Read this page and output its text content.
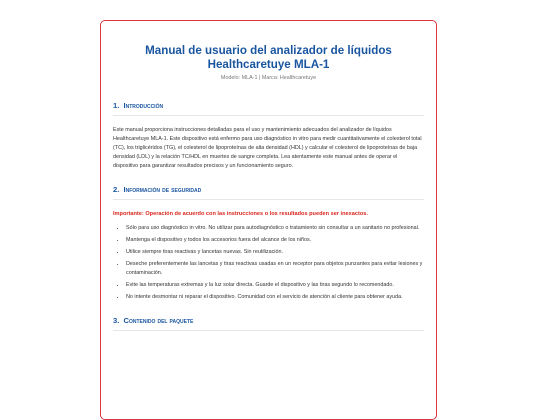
Manual de usuario del analizador de líquidos Healthcaretuye MLA-1
Modelo: MLA-1 | Marca: Healthcaretuye
1. Introducción
Este manual proporciona instrucciones detalladas para el uso y mantenimiento adecuados del analizador de líquidos Healthcaretuye MLA-1. Este dispositivo está enfermo para uso diagnóstico in vitro para medir cuantitativamente el colesterol total (TC), los triglicéridos (TG), el colesterol de lipoproteínas de alta densidad (HDL) y calcular el colesterol de lipoproteínas de baja densidad (LDL) y la relación TC/HDL en muertes de sangre completa. Lea atentamente este manual antes de operar el dispositivo para garantizar resultados precisos y un funcionamiento seguro.
2. Información de seguridad
Importante: Operación de acuerdo con las instrucciones o los resultados pueden ser inexactos.
• Sólo para uso diagnóstico in vitro. No utilizar para autodiagnóstico o tratamiento sin consultar a un sanitario no profesional.
• Mantenga el dispositivo y todos los accesorios fuera del alcance de los niños.
• Utilice siempre tiras reactivas y lancetas nuevas. Sin reutilización.
• Deseche preferentemente las lancetas y tiras reactivas usadas en un receptor para objetos punzantes para evitar lesiones y contaminación.
• Evite las temperaturas extremas y la luz solar directa. Guarde el dispositivo y las tiras segundo lo recomendado.
• No intente desmontar ni reparar el dispositivo. Comunidad con el servicio de atención al cliente para obtener ayuda.
3. Contenido del paquete
